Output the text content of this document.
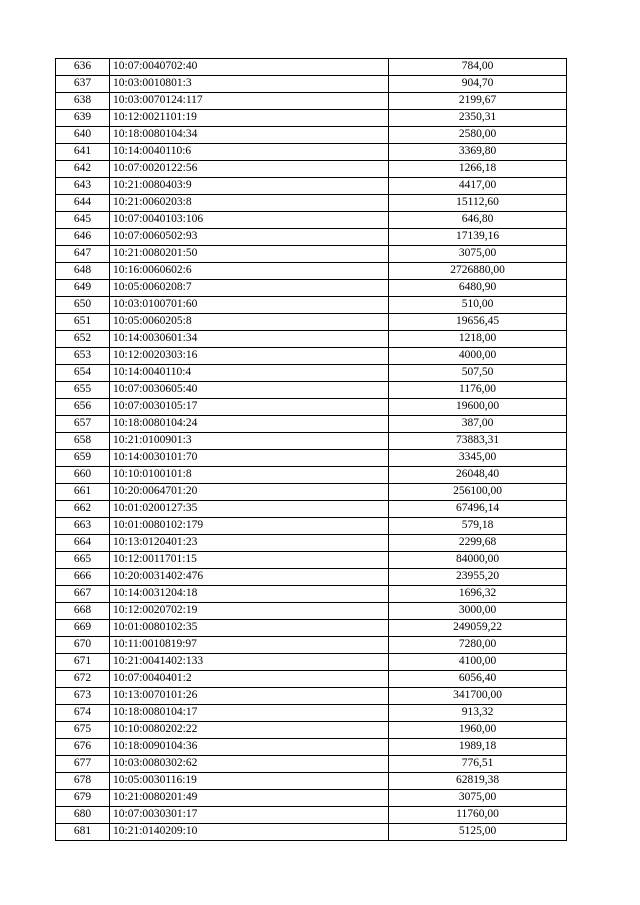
636	10:07:0040702:40	784,00
637	10:03:0010801:3	904,70
638	10:03:0070124:117	2199,67
639	10:12:0021101:19	2350,31
640	10:18:0080104:34	2580,00
641	10:14:0040110:6	3369,80
642	10:07:0020122:56	1266,18
643	10:21:0080403:9	4417,00
644	10:21:0060203:8	15112,60
645	10:07:0040103:106	646,80
646	10:07:0060502:93	17139,16
647	10:21:0080201:50	3075,00
648	10:16:0060602:6	2726880,00
649	10:05:0060208:7	6480,90
650	10:03:0100701:60	510,00
651	10:05:0060205:8	19656,45
652	10:14:0030601:34	1218,00
653	10:12:0020303:16	4000,00
654	10:14:0040110:4	507,50
655	10:07:0030605:40	1176,00
656	10:07:0030105:17	19600,00
657	10:18:0080104:24	387,00
658	10:21:0100901:3	73883,31
659	10:14:0030101:70	3345,00
660	10:10:0100101:8	26048,40
661	10:20:0064701:20	256100,00
662	10:01:0200127:35	67496,14
663	10:01:0080102:179	579,18
664	10:13:0120401:23	2299,68
665	10:12:0011701:15	84000,00
666	10:20:0031402:476	23955,20
667	10:14:0031204:18	1696,32
668	10:12:0020702:19	3000,00
669	10:01:0080102:35	249059,22
670	10:11:0010819:97	7280,00
671	10:21:0041402:133	4100,00
672	10:07:0040401:2	6056,40
673	10:13:0070101:26	341700,00
674	10:18:0080104:17	913,32
675	10:10:0080202:22	1960,00
676	10:18:0090104:36	1989,18
677	10:03:0080302:62	776,51
678	10:05:0030116:19	62819,38
679	10:21:0080201:49	3075,00
680	10:07:0030301:17	11760,00
681	10:21:0140209:10	5125,00
